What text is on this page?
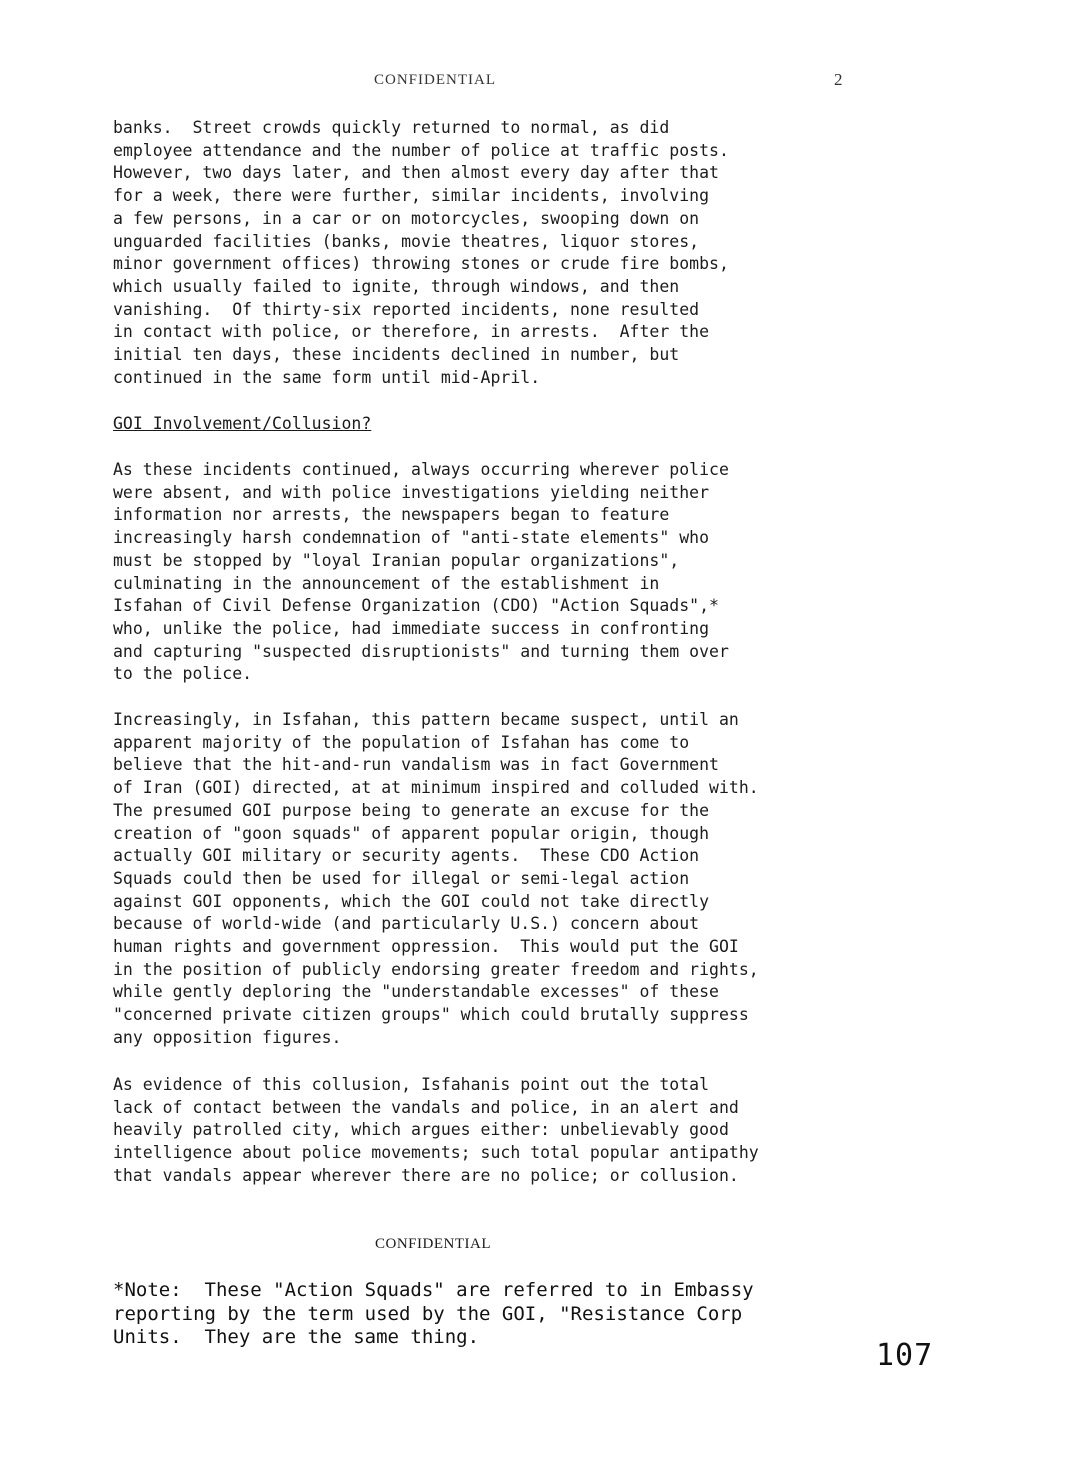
CONFIDENTIAL	2

banks.  Street crowds quickly returned to normal, as did
employee attendance and the number of police at traffic posts.
However, two days later, and then almost every day after that
for a week, there were further, similar incidents, involving
a few persons, in a car or on motorcycles, swooping down on
unguarded facilities (banks, movie theatres, liquor stores,
minor government offices) throwing stones or crude fire bombs,
which usually failed to ignite, through windows, and then
vanishing.  Of thirty-six reported incidents, none resulted
in contact with police, or therefore, in arrests.  After the
initial ten days, these incidents declined in number, but
continued in the same form until mid-April.

GOI Involvement/Collusion?

As these incidents continued, always occurring wherever police
were absent, and with police investigations yielding neither
information nor arrests, the newspapers began to feature
increasingly harsh condemnation of "anti-state elements" who
must be stopped by "loyal Iranian popular organizations",
culminating in the announcement of the establishment in
Isfahan of Civil Defense Organization (CDO) "Action Squads",*
who, unlike the police, had immediate success in confronting
and capturing "suspected disruptionists" and turning them over
to the police.

Increasingly, in Isfahan, this pattern became suspect, until an
apparent majority of the population of Isfahan has come to
believe that the hit-and-run vandalism was in fact Government
of Iran (GOI) directed, at at minimum inspired and colluded with.
The presumed GOI purpose being to generate an excuse for the
creation of "goon squads" of apparent popular origin, though
actually GOI military or security agents.  These CDO Action
Squads could then be used for illegal or semi-legal action
against GOI opponents, which the GOI could not take directly
because of world-wide (and particularly U.S.) concern about
human rights and government oppression.  This would put the GOI
in the position of publicly endorsing greater freedom and rights,
while gently deploring the "understandable excesses" of these
"concerned private citizen groups" which could brutally suppress
any opposition figures.

As evidence of this collusion, Isfahanis point out the total
lack of contact between the vandals and police, in an alert and
heavily patrolled city, which argues either: unbelievably good
intelligence about police movements; such total popular antipathy
that vandals appear wherever there are no police; or collusion.

CONFIDENTIAL

*Note:  These "Action Squads" are referred to in Embassy
reporting by the term used by the GOI, "Resistance Corp
Units.  They are the same thing.

107
